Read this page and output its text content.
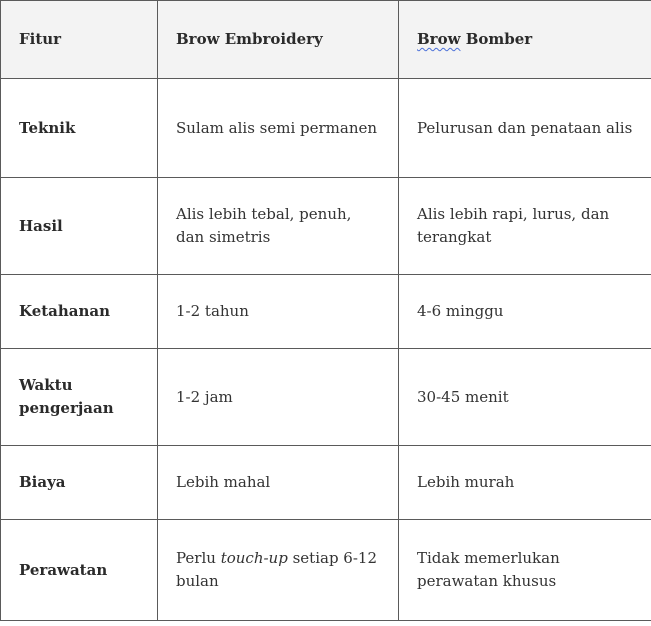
Fitur	Brow Embroidery	Brow Bomber
Teknik	Sulam alis semi permanen	Pelurusan dan penataan alis
Hasil	Alis lebih tebal, penuh, dan simetris	Alis lebih rapi, lurus, dan terangkat
Ketahanan	1-2 tahun	4-6 minggu
Waktu pengerjaan	1-2 jam	30-45 menit
Biaya	Lebih mahal	Lebih murah
Perawatan	Perlu touch-up setiap 6-12 bulan	Tidak memerlukan perawatan khusus
